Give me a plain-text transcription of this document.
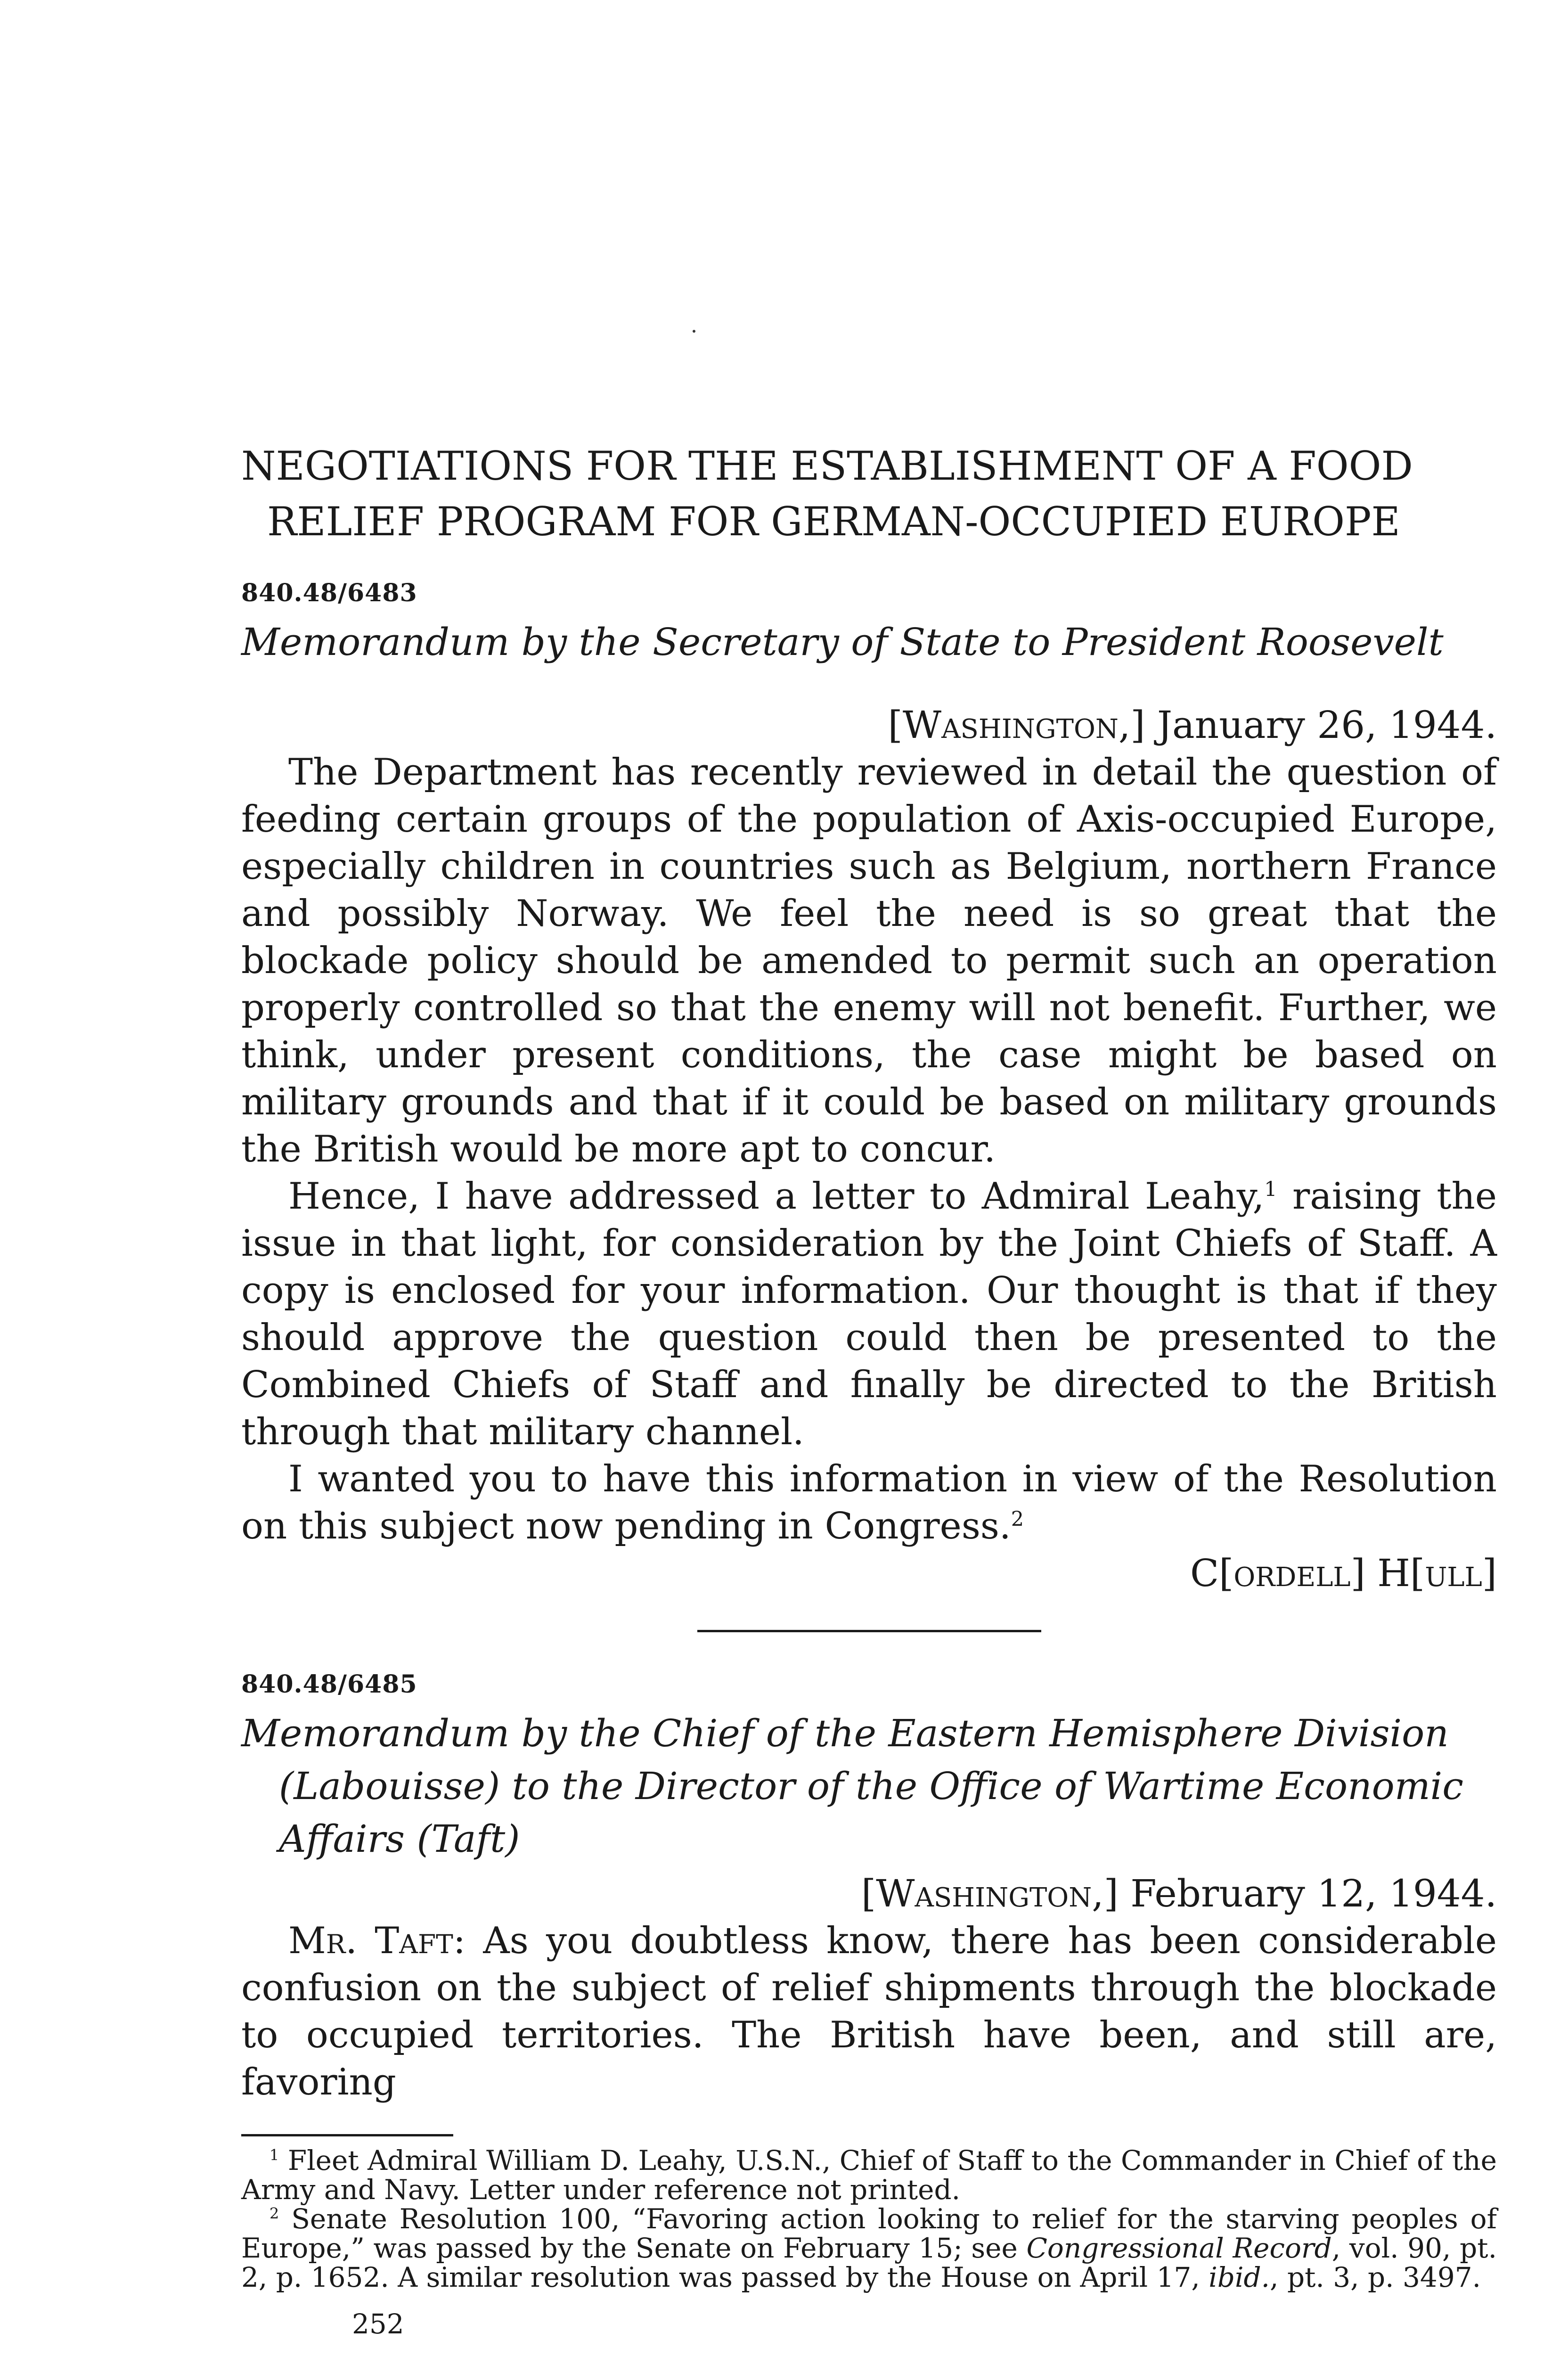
NEGOTIATIONS FOR THE ESTABLISHMENT OF A FOOD RELIEF PROGRAM FOR GERMAN-OCCUPIED EUROPE

840.48/6483

Memorandum by the Secretary of State to President Roosevelt

[Washington,] January 26, 1944.

The Department has recently reviewed in detail the question of feeding certain groups of the population of Axis-occupied Europe, especially children in countries such as Belgium, northern France and possibly Norway. We feel the need is so great that the blockade policy should be amended to permit such an operation properly controlled so that the enemy will not benefit. Further, we think, under present conditions, the case might be based on military grounds and that if it could be based on military grounds the British would be more apt to concur.

Hence, I have addressed a letter to Admiral Leahy,$^1$ raising the issue in that light, for consideration by the Joint Chiefs of Staff. A copy is enclosed for your information. Our thought is that if they should approve the question could then be presented to the Combined Chiefs of Staff and finally be directed to the British through that military channel.

I wanted you to have this information in view of the Resolution on this subject now pending in Congress.$^2$

C[ordell] H[ull]

840.48/6485

Memorandum by the Chief of the Eastern Hemisphere Division (Labouisse) to the Director of the Office of Wartime Economic Affairs (Taft)

[Washington,] February 12, 1944.

Mr. Taft: As you doubtless know, there has been considerable confusion on the subject of relief shipments through the blockade to occupied territories. The British have been, and still are, favoring

$^1$ Fleet Admiral William D. Leahy, U.S.N., Chief of Staff to the Commander in Chief of the Army and Navy. Letter under reference not printed.

$^2$ Senate Resolution 100, “Favoring action looking to relief for the starving peoples of Europe,” was passed by the Senate on February 15; see Congressional Record, vol. 90, pt. 2, p. 1652. A similar resolution was passed by the House on April 17, ibid., pt. 3, p. 3497.

252
